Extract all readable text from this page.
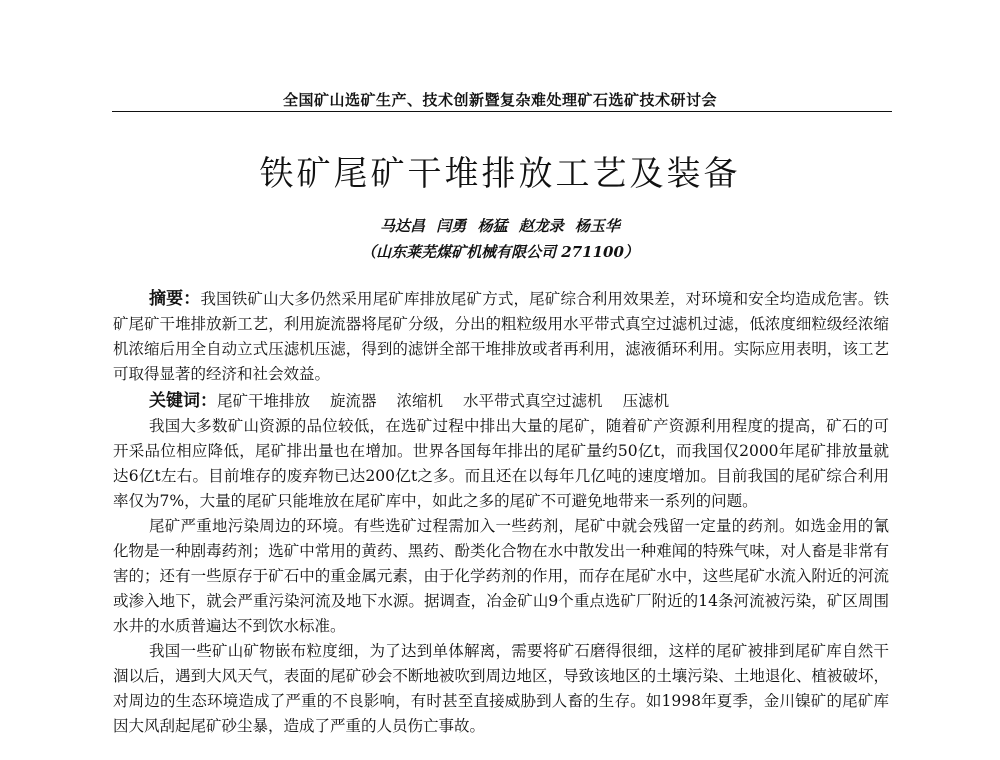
全国矿山选矿生产、技术创新暨复杂难处理矿石选矿技术研讨会
铁矿尾矿干堆排放工艺及装备
马达昌 闫勇 杨猛 赵龙录 杨玉华
（山东莱芜煤矿机械有限公司 271100）

摘要：我国铁矿山大多仍然采用尾矿库排放尾矿方式，尾矿综合利用效果差，对环境和安全均造成危害。铁矿尾矿干堆排放新工艺，利用旋流器将尾矿分级，分出的粗粒级用水平带式真空过滤机过滤，低浓度细粒级经浓缩机浓缩后用全自动立式压滤机压滤，得到的滤饼全部干堆排放或者再利用，滤液循环利用。实际应用表明，该工艺可取得显著的经济和社会效益。

关键词：尾矿干堆排放 旋流器 浓缩机 水平带式真空过滤机 压滤机

我国大多数矿山资源的品位较低，在选矿过程中排出大量的尾矿，随着矿产资源利用程度的提高，矿石的可开采品位相应降低，尾矿排出量也在增加。世界各国每年排出的尾矿量约50亿t，而我国仅2000年尾矿排放量就达6亿t左右。目前堆存的废弃物已达200亿t之多。而且还在以每年几亿吨的速度增加。目前我国的尾矿综合利用率仅为7%，大量的尾矿只能堆放在尾矿库中，如此之多的尾矿不可避免地带来一系列的问题。

尾矿严重地污染周边的环境。有些选矿过程需加入一些药剂，尾矿中就会残留一定量的药剂。如选金用的氰化物是一种剧毒药剂；选矿中常用的黄药、黑药、酚类化合物在水中散发出一种难闻的特殊气味，对人畜是非常有害的；还有一些原存于矿石中的重金属元素，由于化学药剂的作用，而存在尾矿水中，这些尾矿水流入附近的河流或渗入地下，就会严重污染河流及地下水源。据调查，冶金矿山9个重点选矿厂附近的14条河流被污染，矿区周围水井的水质普遍达不到饮水标准。

我国一些矿山矿物嵌布粒度细，为了达到单体解离，需要将矿石磨得很细，这样的尾矿被排到尾矿库自然干涸以后，遇到大风天气，表面的尾矿砂会不断地被吹到周边地区，导致该地区的土壤污染、土地退化、植被破坏，对周边的生态环境造成了严重的不良影响，有时甚至直接威胁到人畜的生存。如1998年夏季，金川镍矿的尾矿库因大风刮起尾矿砂尘暴，造成了严重的人员伤亡事故。
